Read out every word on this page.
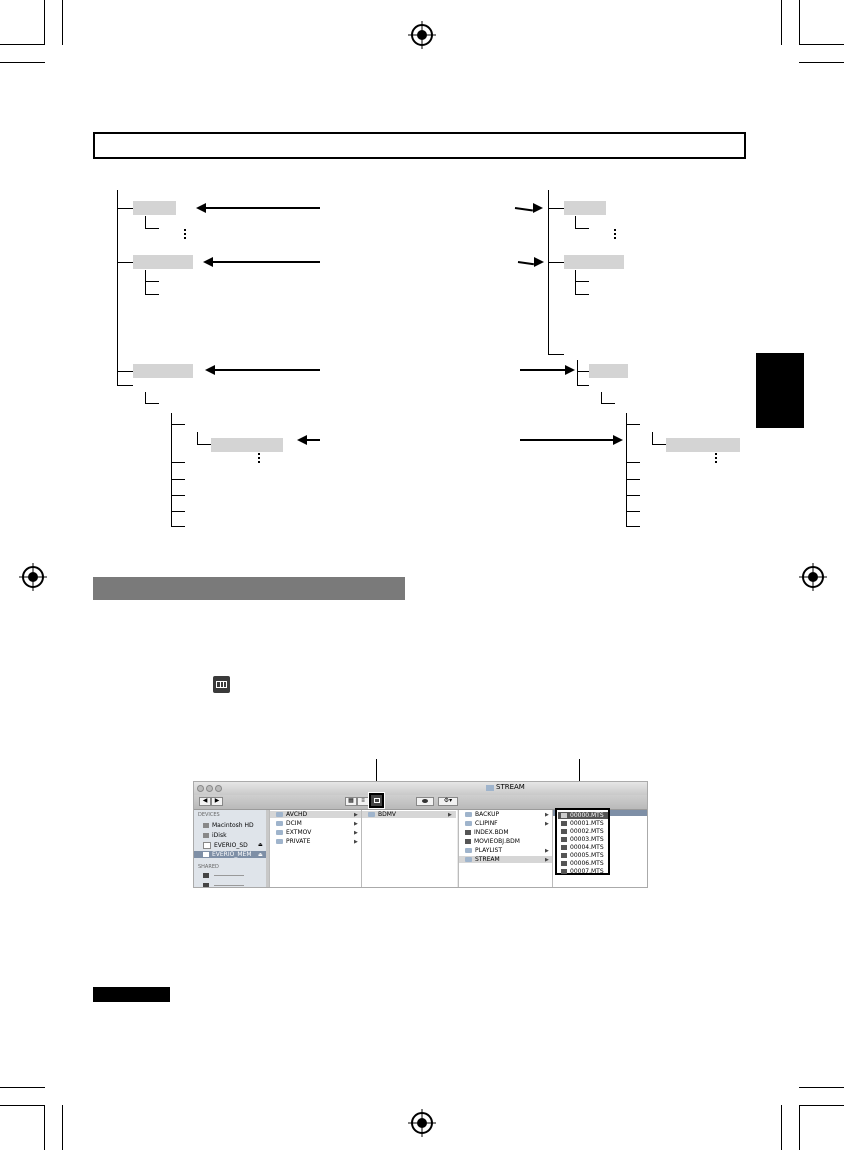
STREAM
◀	▶	▦	≡	⚙▾
DEVICES
Macintosh HD
iDisk
EVERIO_SD ⏏
EVERIO_MEM	⏏
SHARED
AVCHD
DCIM
EXTMOV
PRIVATE
▶
▶
▶
▶
BDMV	▶	BACKUP
CLIPINF
INDEX.BDM
MOVIEOBJ.BDM
PLAYLIST
STREAM
▶
▶
▶
▶
00000.MTS
00001.MTS
00002.MTS
00003.MTS
00004.MTS
00005.MTS
00006.MTS
00007.MTS
